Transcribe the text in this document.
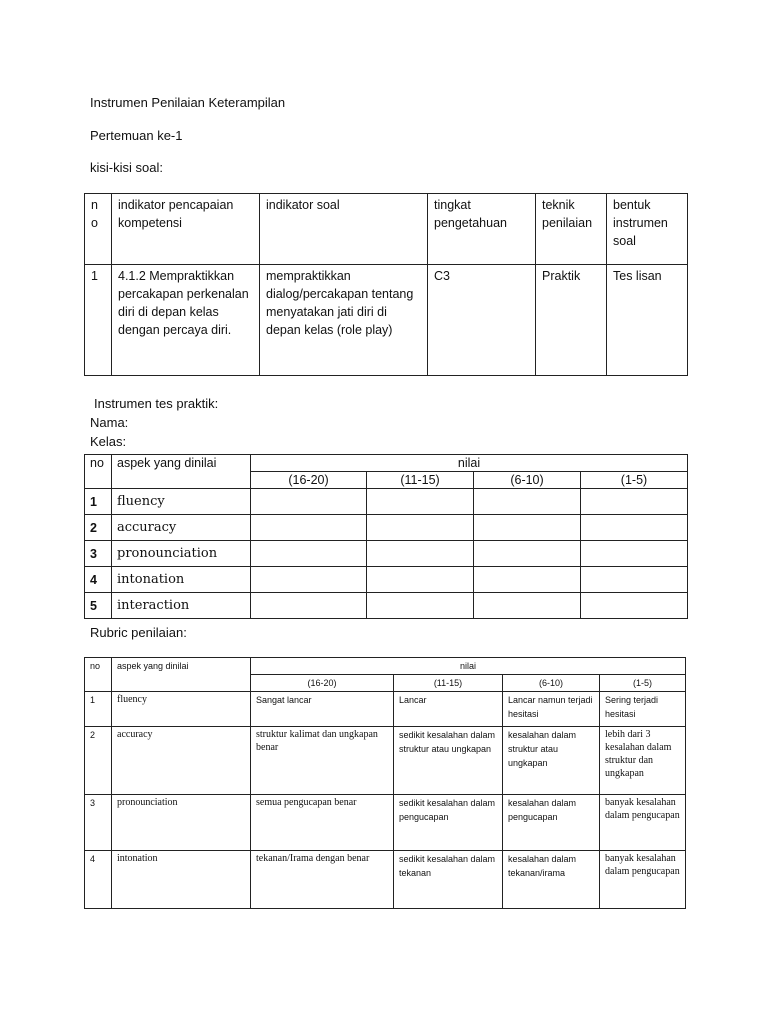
Instrumen Penilaian Keterampilan
Pertemuan ke-1
kisi-kisi soal:
n o	indikator pencapaian kompetensi	indikator soal	tingkat pengetahuan	teknik penilaian	bentuk instrumen soal
1	4.1.2 Mempraktikkan percakapan perkenalan diri di depan kelas dengan percaya diri.	mempraktikkan dialog/percakapan tentang menyatakan jati diri di depan kelas (role play)	C3	Praktik	Tes lisan
Instrumen tes praktik:
Nama:
Kelas:
no	aspek yang dinilai	nilai			
		(16-20)	(11-15)	(6-10)	(1-5)
1	fluency				
2	accuracy				
3	pronounciation				
4	intonation				
5	interaction				
Rubric penilaian:
no	aspek yang dinilai	nilai			
		(16-20)	(11-15)	(6-10)	(1-5)
1	fluency	Sangat lancar	Lancar	Lancar namun terjadi hesitasi	Sering terjadi hesitasi
2	accuracy	struktur kalimat dan ungkapan benar	sedikit kesalahan dalam struktur atau ungkapan	kesalahan dalam struktur atau ungkapan	lebih dari 3 kesalahan dalam struktur dan ungkapan
3	pronounciation	semua pengucapan benar	sedikit kesalahan dalam pengucapan	kesalahan dalam pengucapan	banyak kesalahan dalam pengucapan
4	intonation	tekanan/Irama dengan benar	sedikit kesalahan dalam tekanan	kesalahan dalam tekanan/irama	banyak kesalahan dalam pengucapan
